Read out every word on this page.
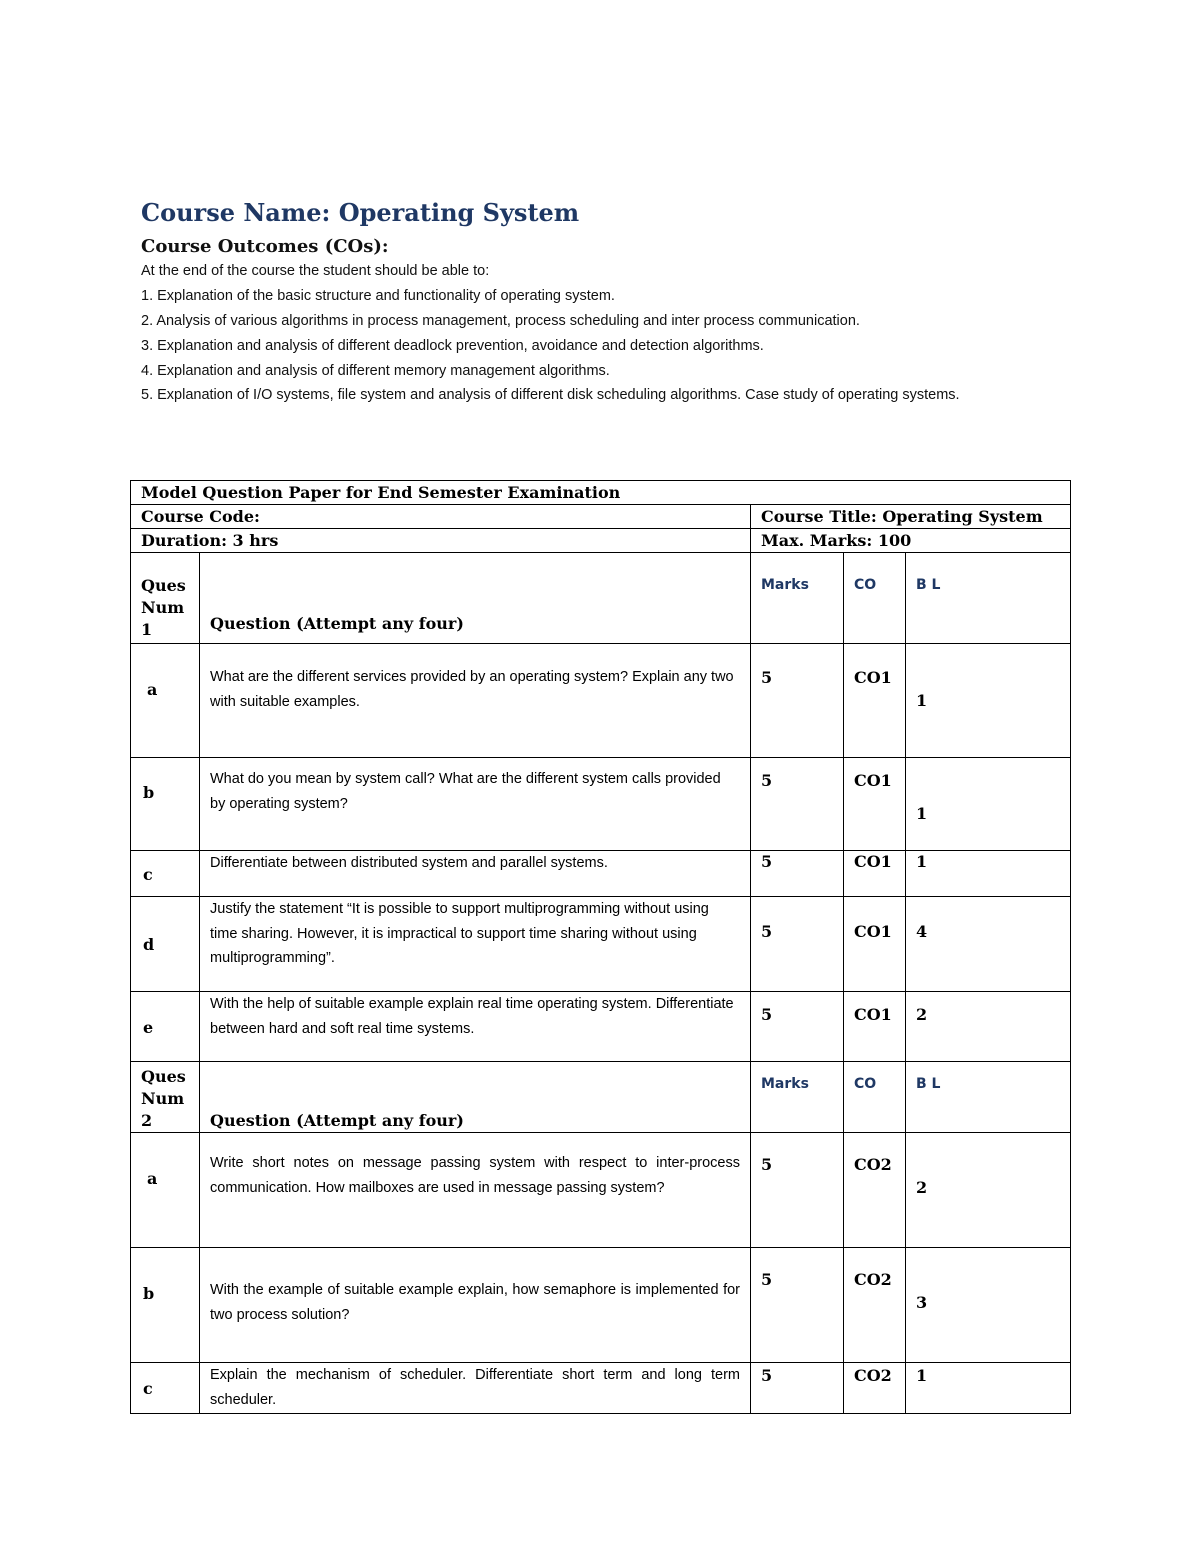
Course Name: Operating System
Course Outcomes (COs):
At the end of the course the student should be able to:
1. Explanation of the basic structure and functionality of operating system.
2. Analysis of various algorithms in process management, process scheduling and inter process communication.
3. Explanation and analysis of different deadlock prevention, avoidance and detection algorithms.
4. Explanation and analysis of different memory management algorithms.
5. Explanation of I/O systems, file system and analysis of different disk scheduling algorithms. Case study of operating systems.
Model Question Paper for End Semester Examination				
Course Code:		Course Title: Operating System		
Duration: 3 hrs		Max. Marks: 100		

Ques
Num
1	Question (Attempt any four)	Marks	CO	B L

a	What are the different services provided by an operating system? Explain any two with suitable examples.	5	CO1	1

b	What do you mean by system call? What are the different system calls provided by operating system?	5	CO1	1

c	Differentiate between distributed system and parallel systems.	5	CO1	1

d	Justify the statement “It is possible to support multiprogramming without using time sharing. However, it is impractical to support time sharing without using multiprogramming”.	5	CO1	4

e	With the help of suitable example explain real time operating system. Differentiate between hard and soft real time systems.	5	CO1	2

Ques
Num
2	Question (Attempt any four)	Marks	CO	B L

a	Write short notes on message passing system with respect to inter-process communication. How mailboxes are used in message passing system?	5	CO2	2

b	With the example of suitable example explain, how semaphore is implemented for two process solution?	5	CO2	3

c	Explain the mechanism of scheduler. Differentiate short term and long term scheduler.	5	CO2	1
